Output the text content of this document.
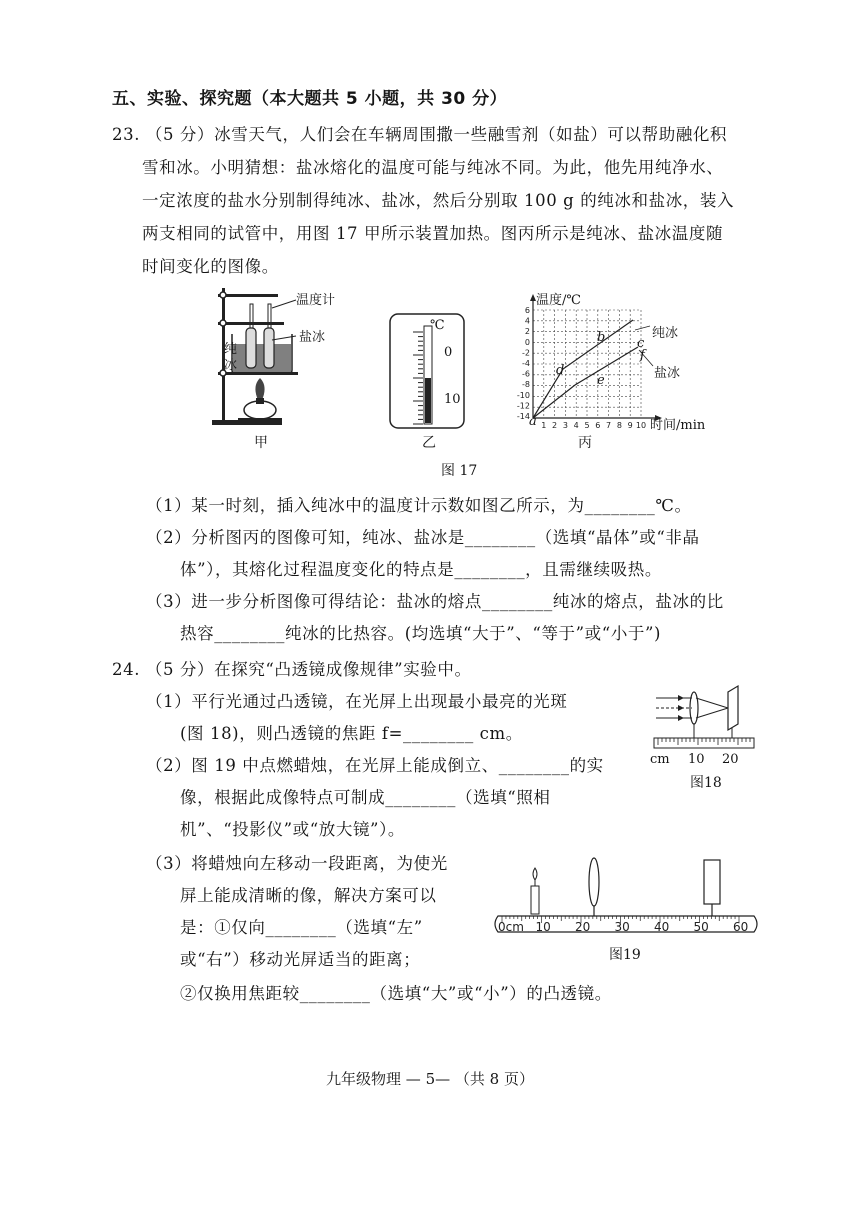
五、实验、探究题（本大题共 5 小题，共 30 分）
23. （5 分）冰雪天气，人们会在车辆周围撒一些融雪剂（如盐）可以帮助融化积
雪和冰。小明猜想：盐冰熔化的温度可能与纯冰不同。为此，他先用纯净水、
一定浓度的盐水分别制得纯冰、盐冰，然后分别取 100 g 的纯冰和盐冰，装入
两支相同的试管中，用图 17 甲所示装置加热。图丙所示是纯冰、盐冰温度随
时间变化的图像。
温度计
盐冰
纯
冰
甲
℃
0
10
乙
6
4
2
0
-2
-4
-6
-8
-10
-12
-14
1 2 3 4 5 6 7 8 9 10
温度/℃
时间/min
a
纯冰
盐冰
b c
d
e
f
丙
图 17
（1）某一时刻，插入纯冰中的温度计示数如图乙所示，为________℃。
（2）分析图丙的图像可知，纯冰、盐冰是________（选填“晶体”或“非晶
体”），其熔化过程温度变化的特点是________，且需继续吸热。
（3）进一步分析图像可得结论：盐冰的熔点________纯冰的熔点，盐冰的比
热容________纯冰的比热容。(均选填“大于”、“等于”或“小于”)
24. （5 分）在探究“凸透镜成像规律”实验中。
（1）平行光通过凸透镜，在光屏上出现最小最亮的光斑
(图 18)，则凸透镜的焦距 f=________ cm。
（2）图 19 中点燃蜡烛，在光屏上能成倒立、________的实
像，根据此成像特点可制成________（选填“照相
机”、“投影仪”或“放大镜”）。
（3）将蜡烛向左移动一段距离，为使光
屏上能成清晰的像，解决方案可以
是：①仅向________（选填“左”
或“右”）移动光屏适当的距离；
②仅换用焦距较________（选填“大”或“小”）的凸透镜。
cm 10 20
图18
0cm 10 20 30 40 50 60
图19
九年级物理 — 5— （共 8 页）
